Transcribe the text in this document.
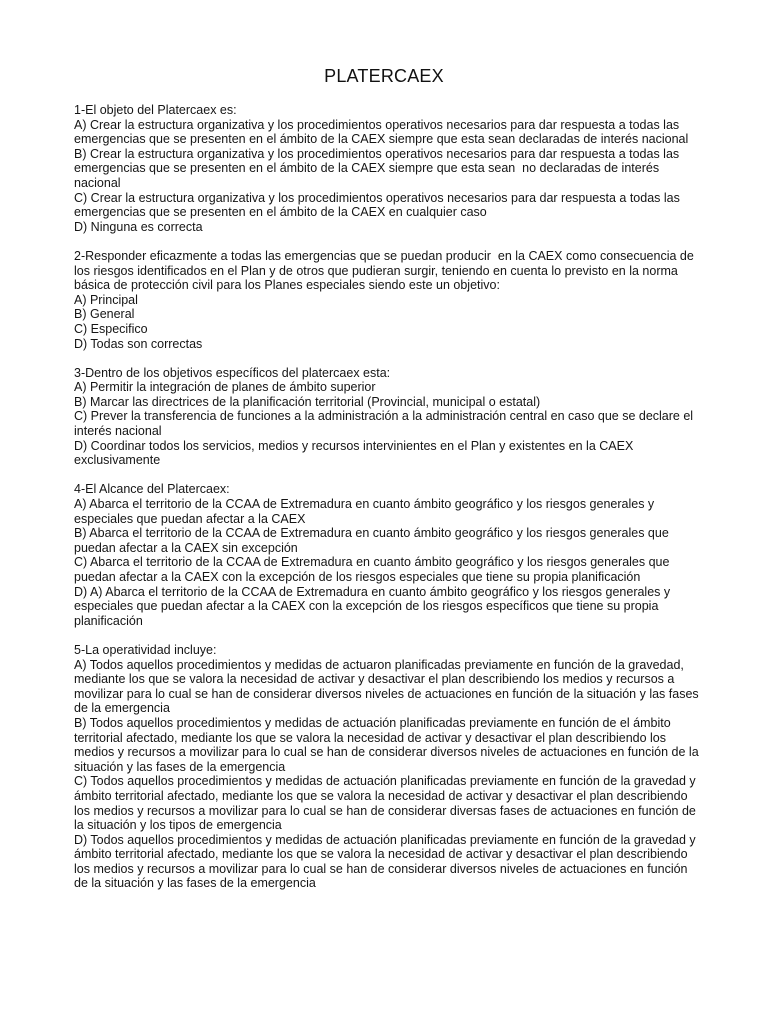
PLATERCAEX
1-El objeto del Platercaex es:
A) Crear la estructura organizativa y los procedimientos operativos necesarios para dar respuesta a todas las emergencias que se presenten en el ámbito de la CAEX siempre que esta sean declaradas de interés nacional
B) Crear la estructura organizativa y los procedimientos operativos necesarios para dar respuesta a todas las emergencias que se presenten en el ámbito de la CAEX siempre que esta sean  no declaradas de interés nacional
C) Crear la estructura organizativa y los procedimientos operativos necesarios para dar respuesta a todas las emergencias que se presenten en el ámbito de la CAEX en cualquier caso
D) Ninguna es correcta
2-Responder eficazmente a todas las emergencias que se puedan producir  en la CAEX como consecuencia de los riesgos identificados en el Plan y de otros que pudieran surgir, teniendo en cuenta lo previsto en la norma básica de protección civil para los Planes especiales siendo este un objetivo:
A) Principal
B) General
C) Especifico
D) Todas son correctas
3-Dentro de los objetivos específicos del platercaex esta:
A) Permitir la integración de planes de ámbito superior
B) Marcar las directrices de la planificación territorial (Provincial, municipal o estatal)
C) Prever la transferencia de funciones a la administración a la administración central en caso que se declare el interés nacional
D) Coordinar todos los servicios, medios y recursos intervinientes en el Plan y existentes en la CAEX exclusivamente
4-El Alcance del Platercaex:
A) Abarca el territorio de la CCAA de Extremadura en cuanto ámbito geográfico y los riesgos generales y especiales que puedan afectar a la CAEX
B) Abarca el territorio de la CCAA de Extremadura en cuanto ámbito geográfico y los riesgos generales que puedan afectar a la CAEX sin excepción
C) Abarca el territorio de la CCAA de Extremadura en cuanto ámbito geográfico y los riesgos generales que puedan afectar a la CAEX con la excepción de los riesgos especiales que tiene su propia planificación
D) A) Abarca el territorio de la CCAA de Extremadura en cuanto ámbito geográfico y los riesgos generales y especiales que puedan afectar a la CAEX con la excepción de los riesgos específicos que tiene su propia planificación
5-La operatividad incluye:
A) Todos aquellos procedimientos y medidas de actuaron planificadas previamente en función de la gravedad, mediante los que se valora la necesidad de activar y desactivar el plan describiendo los medios y recursos a movilizar para lo cual se han de considerar diversos niveles de actuaciones en función de la situación y las fases de la emergencia
B) Todos aquellos procedimientos y medidas de actuación planificadas previamente en función de el ámbito territorial afectado, mediante los que se valora la necesidad de activar y desactivar el plan describiendo los medios y recursos a movilizar para lo cual se han de considerar diversos niveles de actuaciones en función de la situación y las fases de la emergencia
C) Todos aquellos procedimientos y medidas de actuación planificadas previamente en función de la gravedad y ámbito territorial afectado, mediante los que se valora la necesidad de activar y desactivar el plan describiendo los medios y recursos a movilizar para lo cual se han de considerar diversas fases de actuaciones en función de la situación y los tipos de emergencia
D) Todos aquellos procedimientos y medidas de actuación planificadas previamente en función de la gravedad y ámbito territorial afectado, mediante los que se valora la necesidad de activar y desactivar el plan describiendo los medios y recursos a movilizar para lo cual se han de considerar diversos niveles de actuaciones en función de la situación y las fases de la emergencia
